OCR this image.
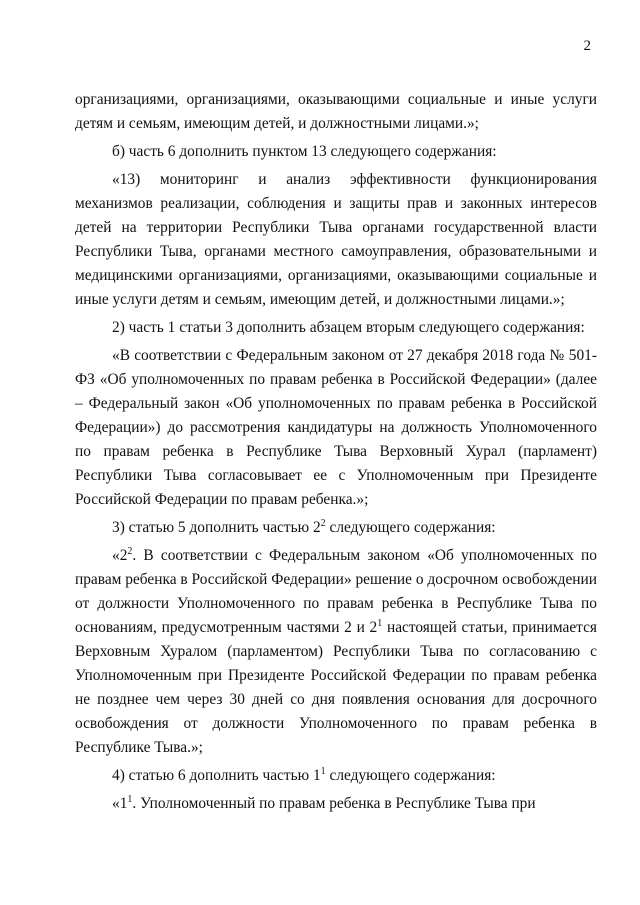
2

организациями, организациями, оказывающими социальные и иные услуги детям и семьям, имеющим детей, и должностными лицами.»;

б) часть 6 дополнить пунктом 13 следующего содержания:

«13) мониторинг и анализ эффективности функционирования механизмов реализации, соблюдения и защиты прав и законных интересов детей на территории Республики Тыва органами государственной власти Республики Тыва, органами местного самоуправления, образовательными и медицинскими организациями, организациями, оказывающими социальные и иные услуги детям и семьям, имеющим детей, и должностными лицами.»;

2) часть 1 статьи 3 дополнить абзацем вторым следующего содержания:

«В соответствии с Федеральным законом от 27 декабря 2018 года № 501-ФЗ «Об уполномоченных по правам ребенка в Российской Федерации» (далее – Федеральный закон «Об уполномоченных по правам ребенка в Российской Федерации») до рассмотрения кандидатуры на должность Уполномоченного по правам ребенка в Республике Тыва Верховный Хурал (парламент) Республики Тыва согласовывает ее с Уполномоченным при Президенте Российской Федерации по правам ребенка.»;

3) статью 5 дополнить частью $2^2$ следующего содержания:

«$2^2$. В соответствии с Федеральным законом «Об уполномоченных по правам ребенка в Российской Федерации» решение о досрочном освобождении от должности Уполномоченного по правам ребенка в Республике Тыва по основаниям, предусмотренным частями 2 и $2^1$ настоящей статьи, принимается Верховным Хуралом (парламентом) Республики Тыва по согласованию с Уполномоченным при Президенте Российской Федерации по правам ребенка не позднее чем через 30 дней со дня появления основания для досрочного освобождения от должности Уполномоченного по правам ребенка в Республике Тыва.»;

4) статью 6 дополнить частью $1^1$ следующего содержания:

«$1^1$. Уполномоченный по правам ребенка в Республике Тыва при
